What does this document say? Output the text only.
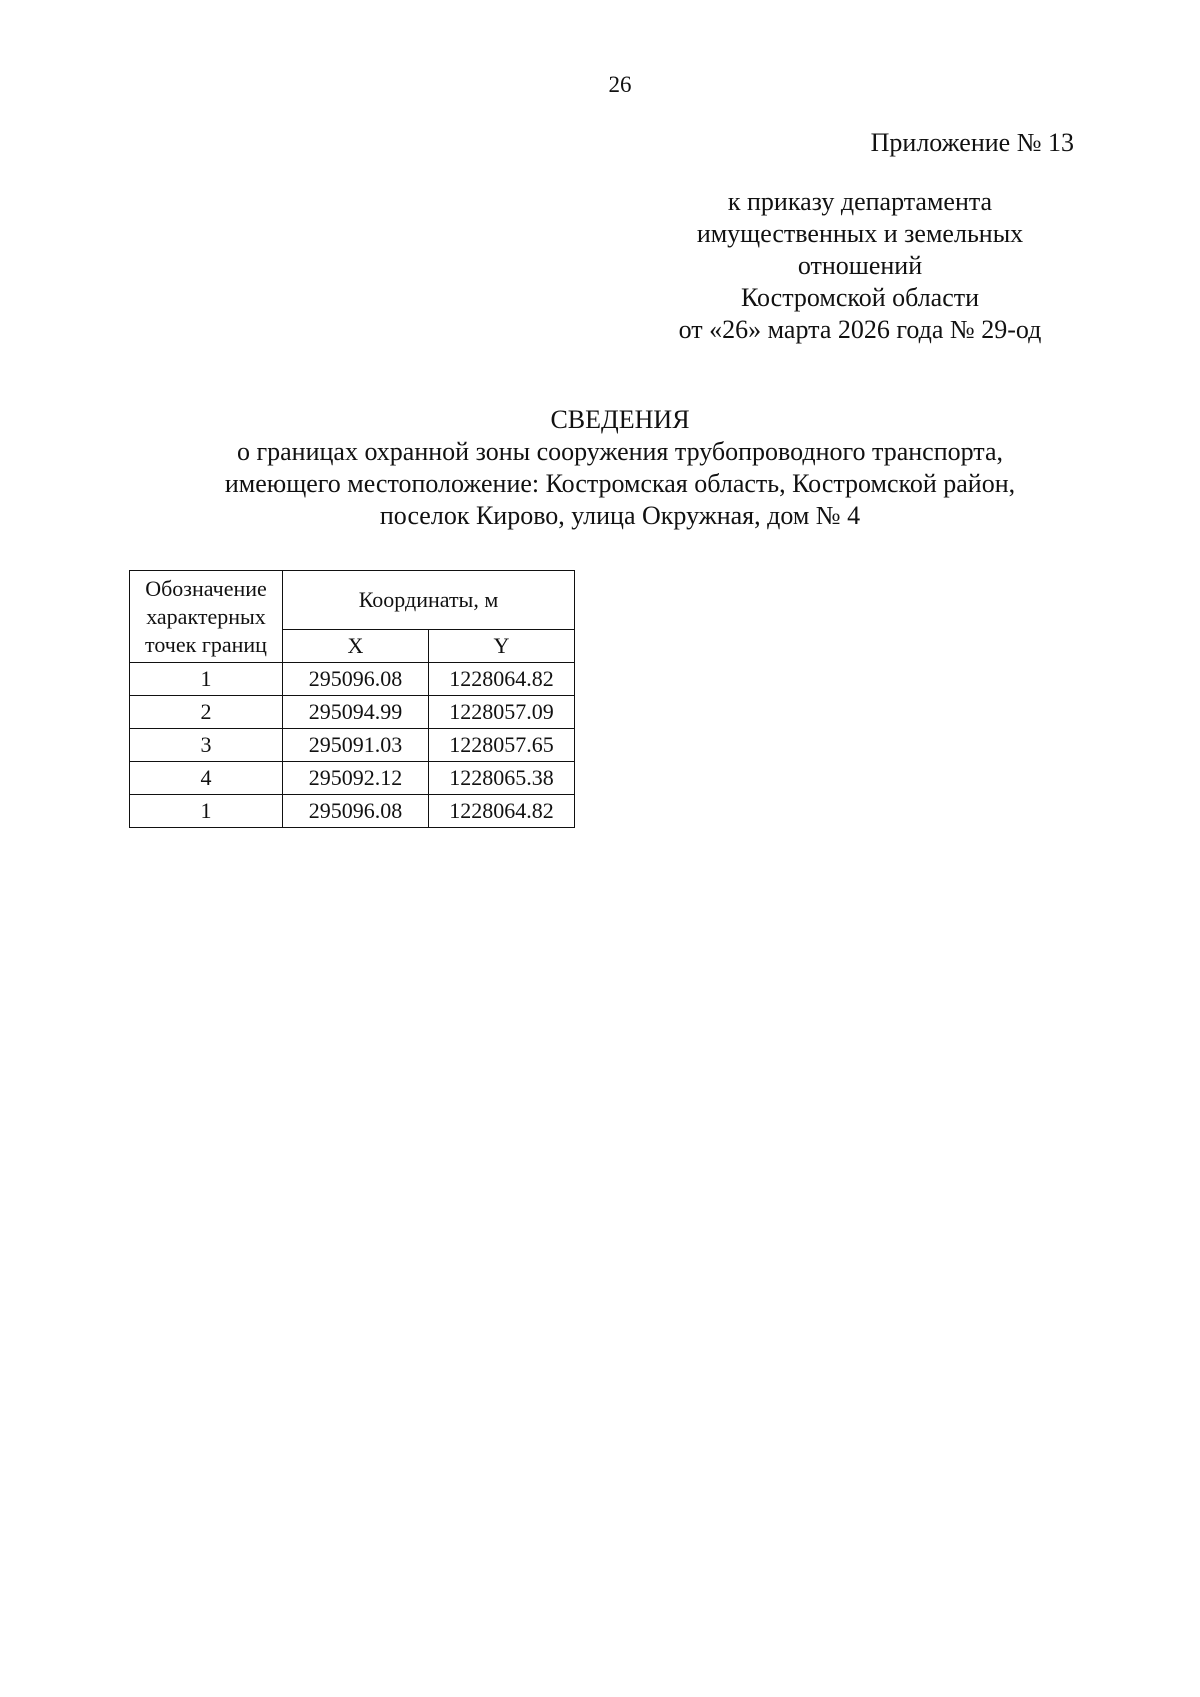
26
Приложение № 13
к приказу департамента
имущественных и земельных
отношений
Костромской области
от «26» марта 2026 года № 29-од
СВЕДЕНИЯ
о границах охранной зоны сооружения трубопроводного транспорта,
имеющего местоположение: Костромская область, Костромской район,
поселок Кирово, улица Окружная, дом № 4
Обозначение
характерных
точек границ	Координаты, м	
	X	Y
1	295096.08	1228064.82
2	295094.99	1228057.09
3	295091.03	1228057.65
4	295092.12	1228065.38
1	295096.08	1228064.82
